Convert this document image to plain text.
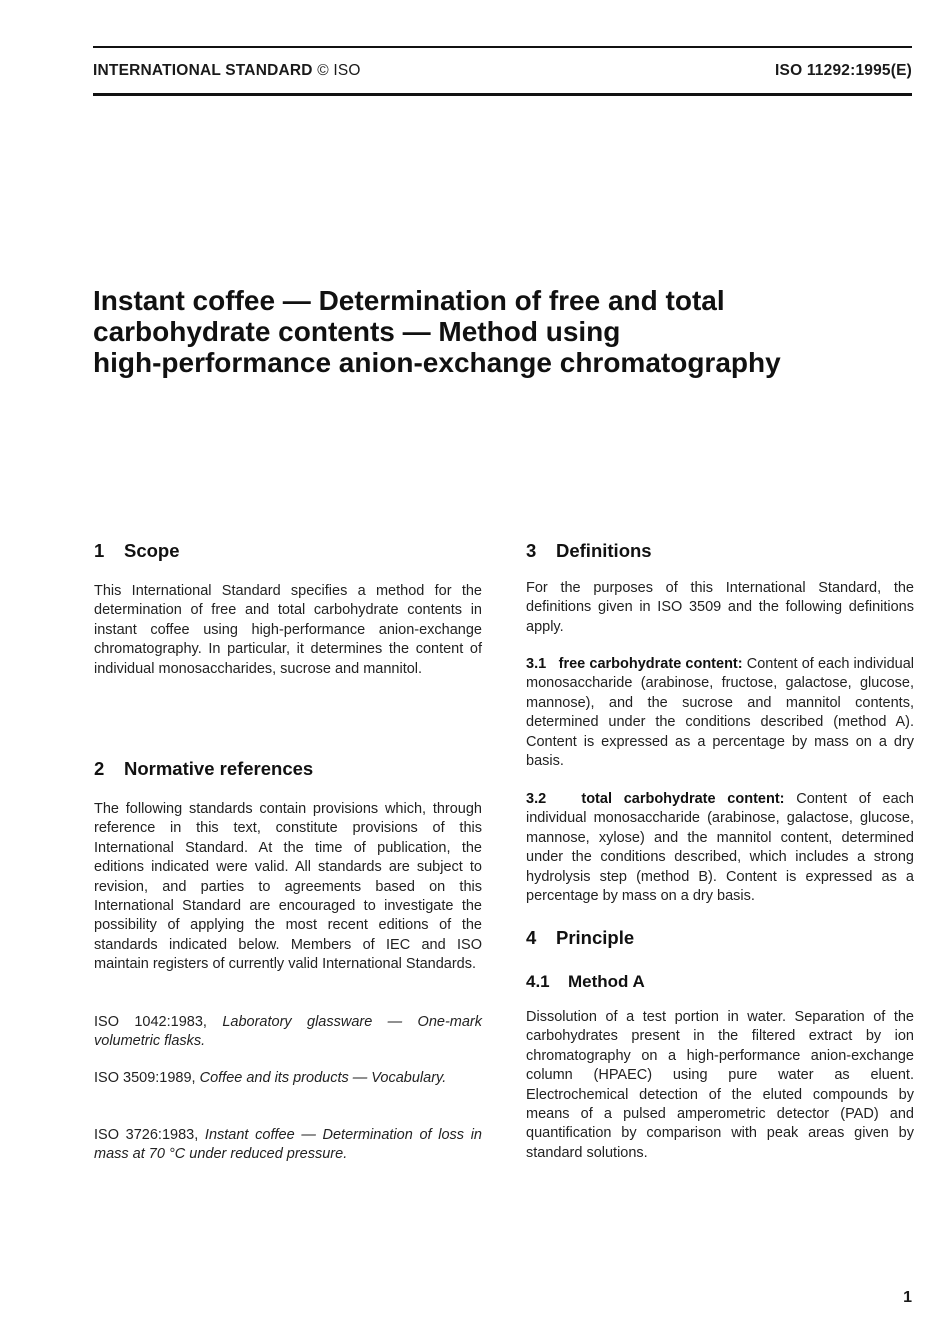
INTERNATIONAL STANDARD © ISO	ISO 11292:1995(E)
Instant coffee — Determination of free and total
carbohydrate contents — Method using
high-performance anion-exchange chromatography
1 Scope

This International Standard specifies a method for the determination of free and total carbohydrate contents in instant coffee using high-performance anion-exchange chromatography. In particular, it determines the content of individual monosaccharides, sucrose and mannitol.

2 Normative references

The following standards contain provisions which, through reference in this text, constitute provisions of this International Standard. At the time of publication, the editions indicated were valid. All standards are subject to revision, and parties to agreements based on this International Standard are encouraged to investigate the possibility of applying the most recent editions of the standards indicated below. Members of IEC and ISO maintain registers of currently valid International Standards.

ISO 1042:1983, Laboratory glassware — One-mark volumetric flasks.

ISO 3509:1989, Coffee and its products — Vocabulary.

ISO 3726:1983, Instant coffee — Determination of loss in mass at 70 °C under reduced pressure.

3 Definitions

For the purposes of this International Standard, the definitions given in ISO 3509 and the following definitions apply.

3.1 free carbohydrate content: Content of each individual monosaccharide (arabinose, fructose, galactose, glucose, mannose), and the sucrose and mannitol contents, determined under the conditions described (method A). Content is expressed as a percentage by mass on a dry basis.

3.2 total carbohydrate content: Content of each individual monosaccharide (arabinose, galactose, glucose, mannose, xylose) and the mannitol content, determined under the conditions described, which includes a strong hydrolysis step (method B). Content is expressed as a percentage by mass on a dry basis.

4 Principle
4.1 Method A

Dissolution of a test portion in water. Separation of the carbohydrates present in the filtered extract by ion chromatography on a high-performance anion-exchange column (HPAEC) using pure water as eluent. Electrochemical detection of the eluted compounds by means of a pulsed amperometric detector (PAD) and quantification by comparison with peak areas given by standard solutions.

1
